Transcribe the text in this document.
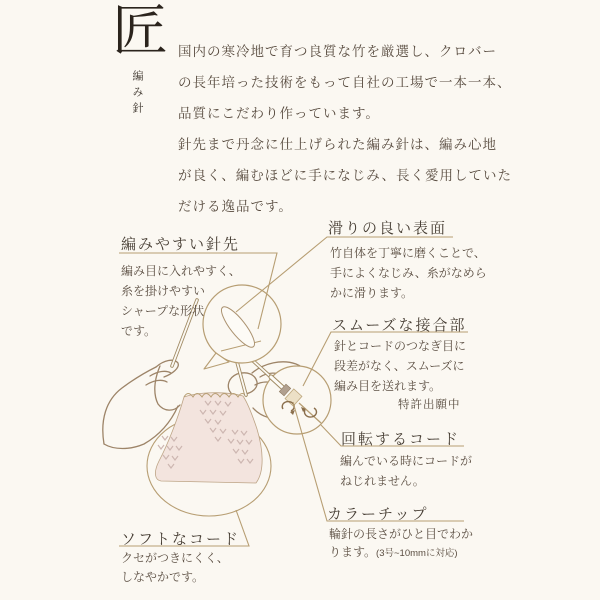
匠
編み針
国内の寒冷地で育つ良質な竹を厳選し、クロバー
の長年培った技術をもって自社の工場で一本一本、
品質にこだわり作っています。
針先まで丹念に仕上げられた編み針は、編み心地
が良く、編むほどに手になじみ、長く愛用していた
だける逸品です。
編みやすい針先
編み目に入れやすく、
糸を掛けやすい
シャープな形状
です。
滑りの良い表面
竹自体を丁寧に磨くことで、
手によくなじみ、糸がなめら
かに滑ります。
スムーズな接合部
針とコードのつなぎ目に
段差がなく、スムーズに
編み目を送れます。
特許出願中
回転するコード
編んでいる時にコードが
ねじれません。
カラーチップ
輪針の長さがひと目でわか
ります。(3号~10mmに対応)
ソフトなコード
クセがつきにくく、
しなやかです。
